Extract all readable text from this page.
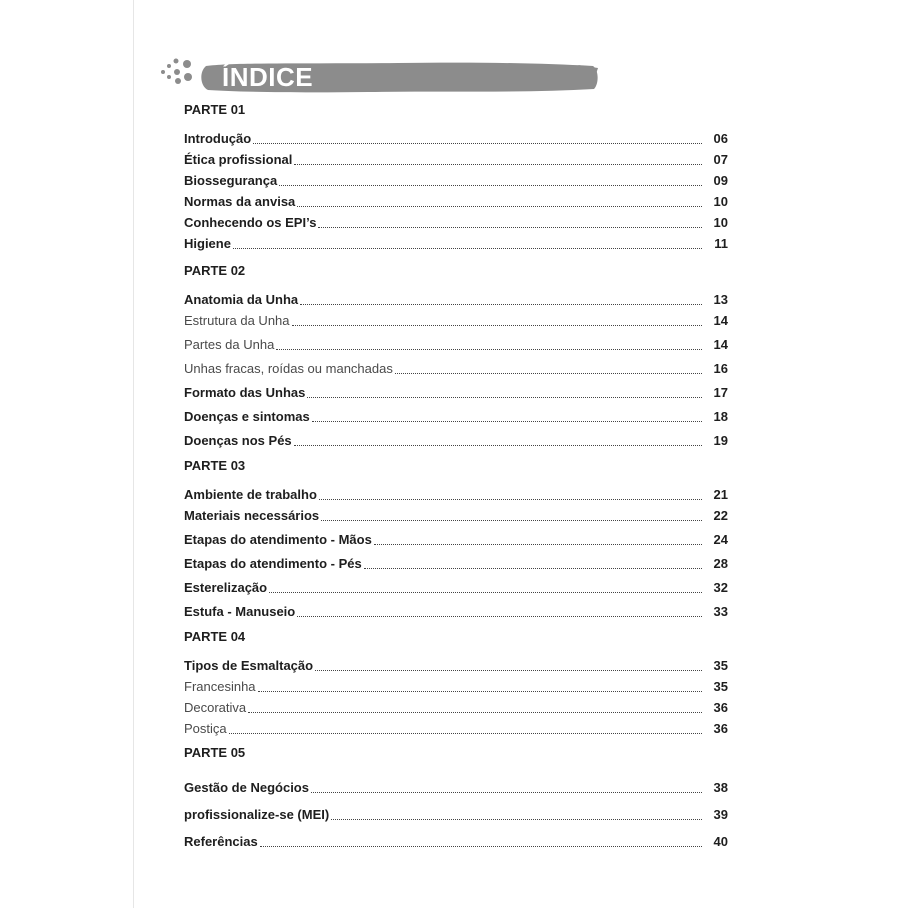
ÍNDICE
PARTE 01
Introdução	06
Ética profissional	07
Biossegurança	09
Normas da anvisa	10
Conhecendo os EPI’s	10
Higiene	11
PARTE 02
Anatomia da Unha	13
Estrutura da Unha	14
Partes da Unha	14
Unhas fracas, roídas ou manchadas	16
Formato das Unhas	17
Doenças e sintomas	18
Doenças nos Pés	19
PARTE 03
Ambiente de trabalho	21
Materiais necessários	22
Etapas do atendimento - Mãos	24
Etapas do atendimento - Pés	28
Esterelização	32
Estufa - Manuseio	33
PARTE 04
Tipos de Esmaltação	35
Francesinha	35
Decorativa	36
Postiça	36
PARTE 05
Gestão de Negócios	38
profissionalize-se (MEI)	39
Referências	40
